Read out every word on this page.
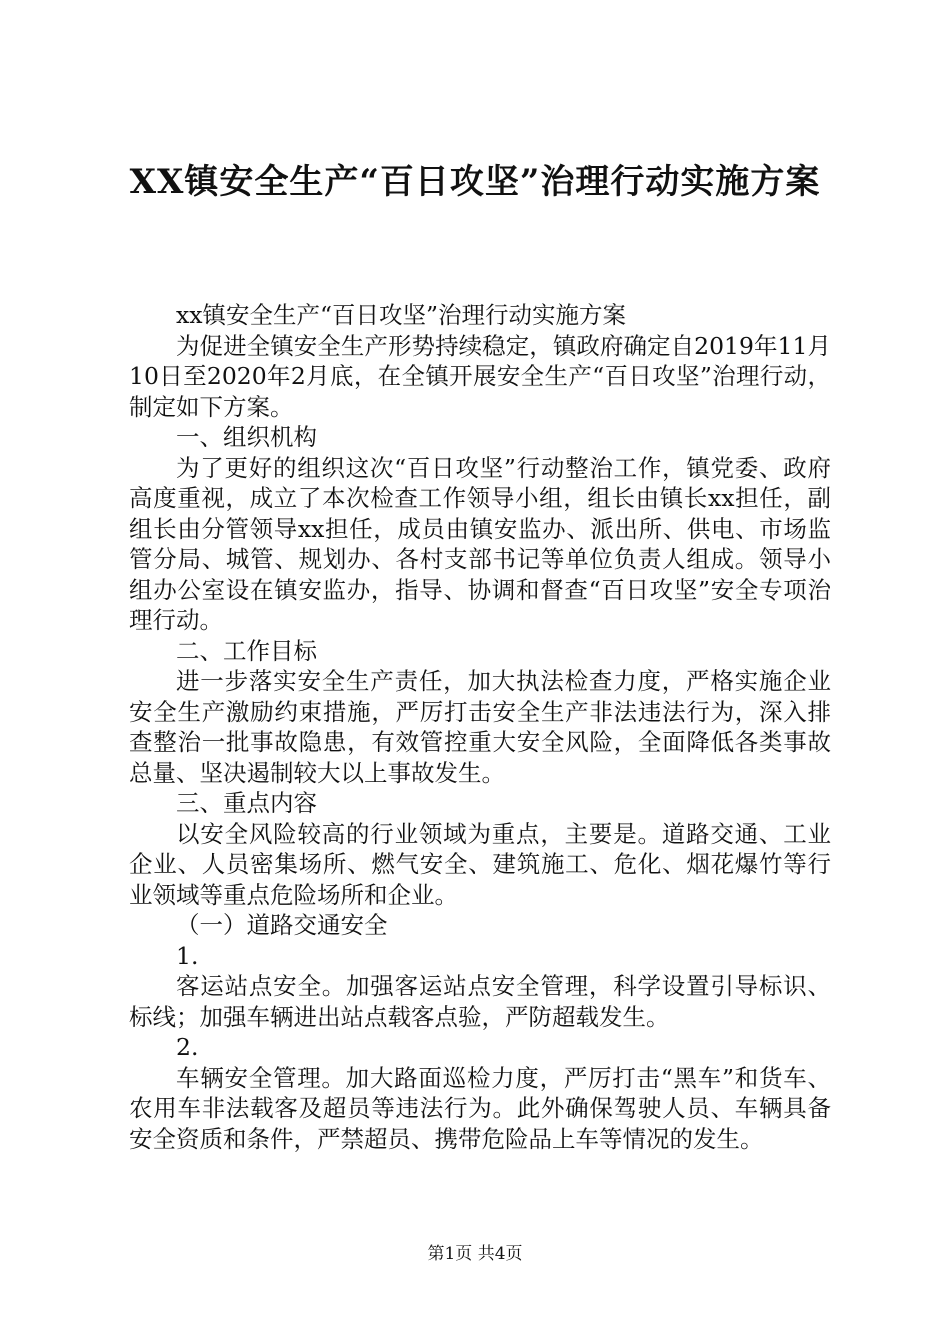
XX镇安全生产“百日攻坚”治理行动实施方案

xx镇安全生产“百日攻坚”治理行动实施方案

为促进全镇安全生产形势持续稳定，镇政府确定自2019年11月10日至2020年2月底，在全镇开展安全生产“百日攻坚”治理行动，制定如下方案。

一、组织机构

为了更好的组织这次“百日攻坚”行动整治工作，镇党委、政府高度重视，成立了本次检查工作领导小组，组长由镇长xx担任，副组长由分管领导xx担任，成员由镇安监办、派出所、供电、市场监管分局、城管、规划办、各村支部书记等单位负责人组成。领导小组办公室设在镇安监办，指导、协调和督查“百日攻坚”安全专项治理行动。

二、工作目标

进一步落实安全生产责任，加大执法检查力度，严格实施企业安全生产激励约束措施，严厉打击安全生产非法违法行为，深入排查整治一批事故隐患，有效管控重大安全风险，全面降低各类事故总量、坚决遏制较大以上事故发生。

三、重点内容

以安全风险较高的行业领域为重点，主要是。道路交通、工业企业、人员密集场所、燃气安全、建筑施工、危化、烟花爆竹等行业领域等重点危险场所和企业。

（一）道路交通安全

1.

客运站点安全。加强客运站点安全管理，科学设置引导标识、标线；加强车辆进出站点载客点验，严防超载发生。

2.

车辆安全管理。加大路面巡检力度，严厉打击“黑车”和货车、农用车非法载客及超员等违法行为。此外确保驾驶人员、车辆具备安全资质和条件，严禁超员、携带危险品上车等情况的发生。

第1页 共4页
